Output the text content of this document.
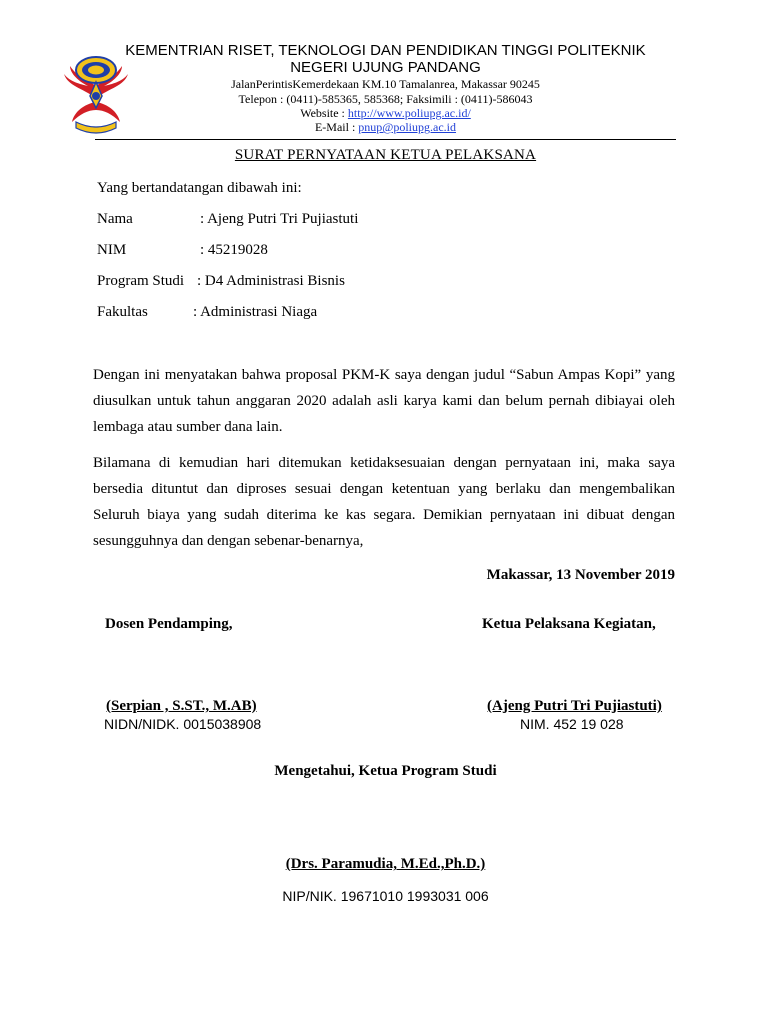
KEMENTRIAN RISET, TEKNOLOGI DAN PENDIDIKAN TINGGI POLITEKNIK
NEGERI UJUNG PANDANG
JalanPerintisKemerdekaan KM.10 Tamalanrea, Makassar 90245
Telepon : (0411)-585365, 585368; Faksimili : (0411)-586043
Website : http://www.poliupg.ac.id/
E-Mail : pnup@poliupg.ac.id
SURAT PERNYATAAN KETUA PELAKSANA
Yang bertandatangan dibawah ini:
Nama	: Ajeng Putri Tri Pujiastuti
NIM	: 45219028
Program Studi : D4 Administrasi Bisnis
Fakultas	: Administrasi Niaga
Dengan ini menyatakan bahwa proposal PKM-K saya dengan judul “Sabun Ampas Kopi” yang diusulkan untuk tahun anggaran 2020 adalah asli karya kami dan belum pernah dibiayai oleh lembaga atau sumber dana lain.
Bilamana di kemudian hari ditemukan ketidaksesuaian dengan pernyataan ini, maka saya bersedia dituntut dan diproses sesuai dengan ketentuan yang berlaku dan mengembalikan Seluruh biaya yang sudah diterima ke kas segara. Demikian pernyataan ini dibuat dengan sesungguhnya dan dengan sebenar-benarnya,
Makassar, 13 November 2019
Dosen Pendamping,	Ketua Pelaksana Kegiatan,
(Serpian , S.ST., M.AB)
NIDN/NIDK. 0015038908
(Ajeng Putri Tri Pujiastuti)
NIM. 452 19 028
Mengetahui, Ketua Program Studi
(Drs. Paramudia, M.Ed.,Ph.D.)
NIP/NIK. 19671010 1993031 006
